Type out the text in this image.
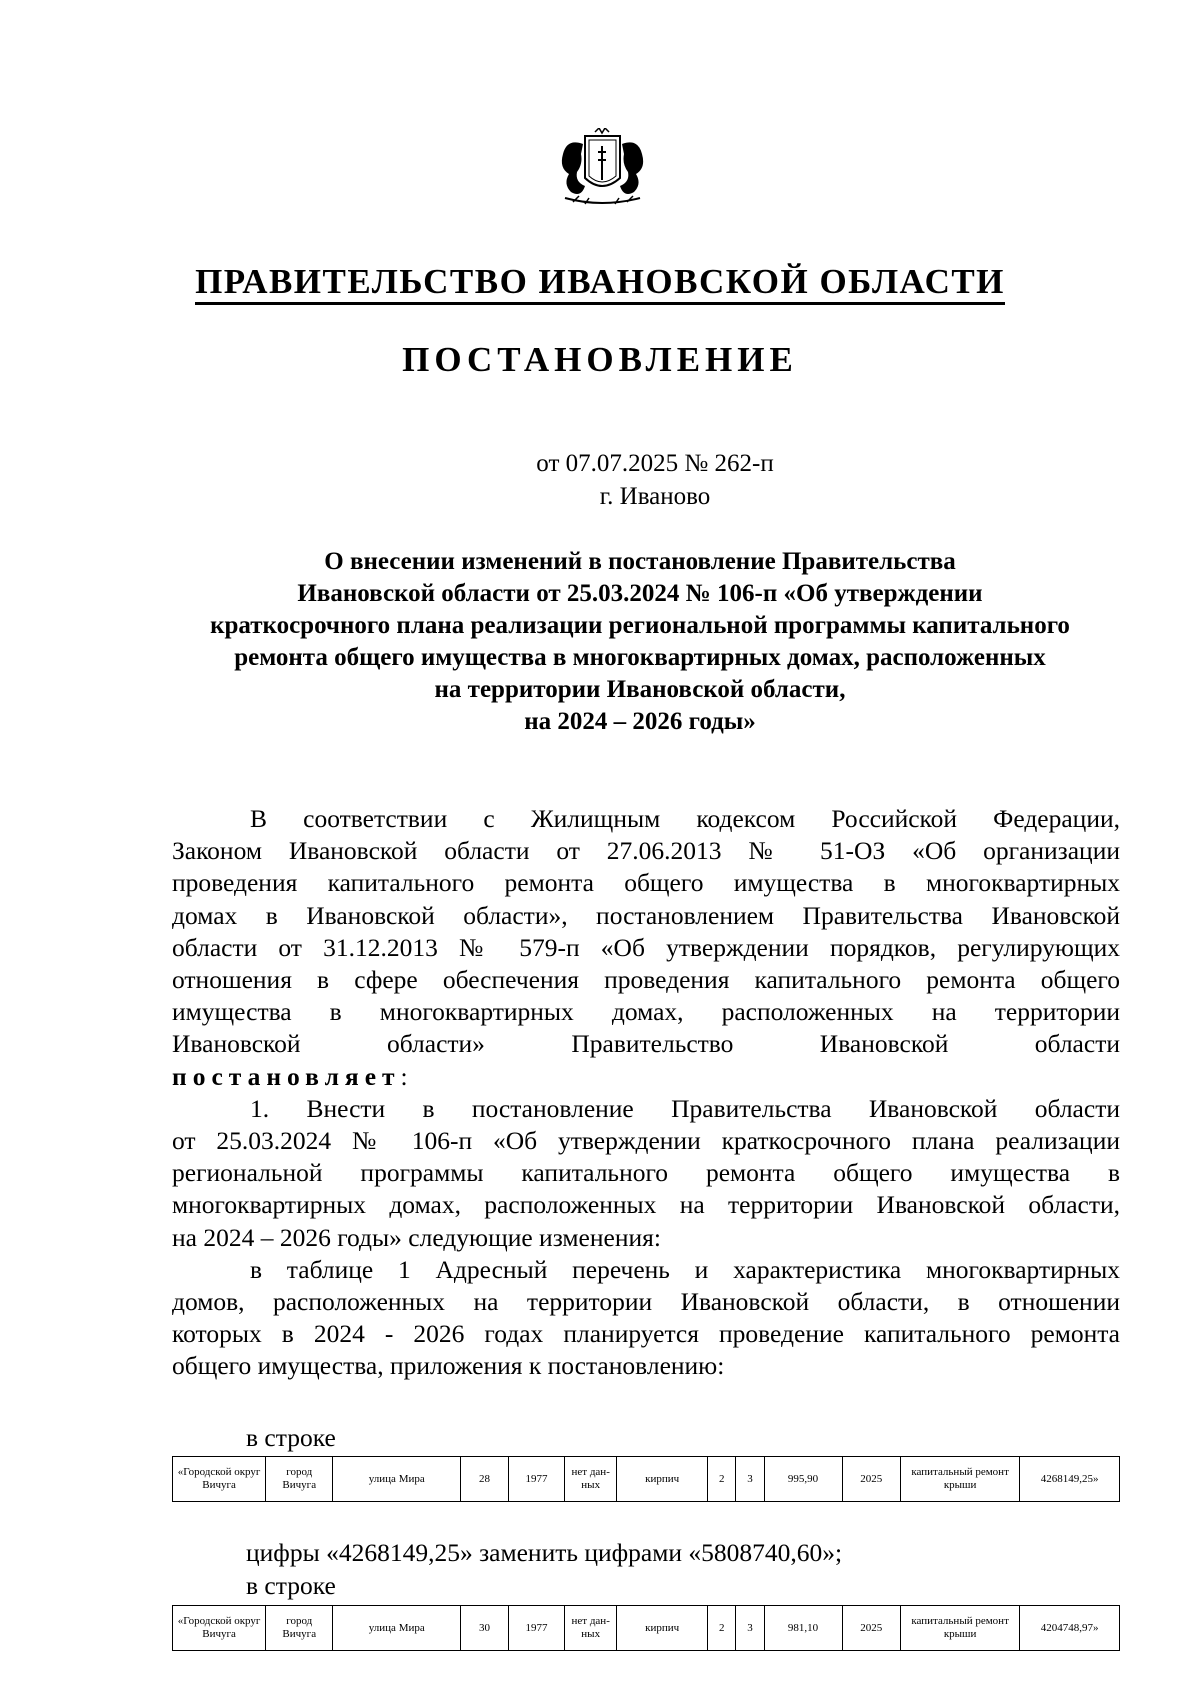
ПРАВИТЕЛЬСТВО ИВАНОВСКОЙ ОБЛАСТИ
ПОСТАНОВЛЕНИЕ
от 07.07.2025 № 262-п
г. Иваново
О внесении изменений в постановление Правительства
Ивановской области от 25.03.2024 № 106-п «Об утверждении
краткосрочного плана реализации региональной программы капитального
ремонта общего имущества в многоквартирных домах, расположенных
на территории Ивановской области,
на 2024 – 2026 годы»
В соответствии с Жилищным кодексом Российской Федерации,
Законом Ивановской области от 27.06.2013 № 51-ОЗ «Об организации
проведения капитального ремонта общего имущества в многоквартирных
домах в Ивановской области», постановлением Правительства Ивановской
области от 31.12.2013 № 579-п «Об утверждении порядков, регулирующих
отношения в сфере обеспечения проведения капитального ремонта общего
имущества в многоквартирных домах, расположенных на территории
Ивановской области» Правительство Ивановской области
постановляет:
1. Внести в постановление Правительства Ивановской области
от 25.03.2024 № 106-п «Об утверждении краткосрочного плана реализации
региональной программы капитального ремонта общего имущества в
многоквартирных домах, расположенных на территории Ивановской области,
на 2024 – 2026 годы» следующие изменения:
в таблице 1 Адресный перечень и характеристика многоквартирных
домов, расположенных на территории Ивановской области, в отношении
которых в 2024 - 2026 годах планируется проведение капитального ремонта
общего имущества, приложения к постановлению:
в строке
«Городской округ Вичуга	город Вичуга	улица Мира	28	1977	нет дан-ных	кирпич	2	3	995,90	2025	капитальный ремонт крыши	4268149,25»
цифры «4268149,25» заменить цифрами «5808740,60»;
в строке
«Городской округ Вичуга	город Вичуга	улица Мира	30	1977	нет дан-ных	кирпич	2	3	981,10	2025	капитальный ремонт крыши	4204748,97»
